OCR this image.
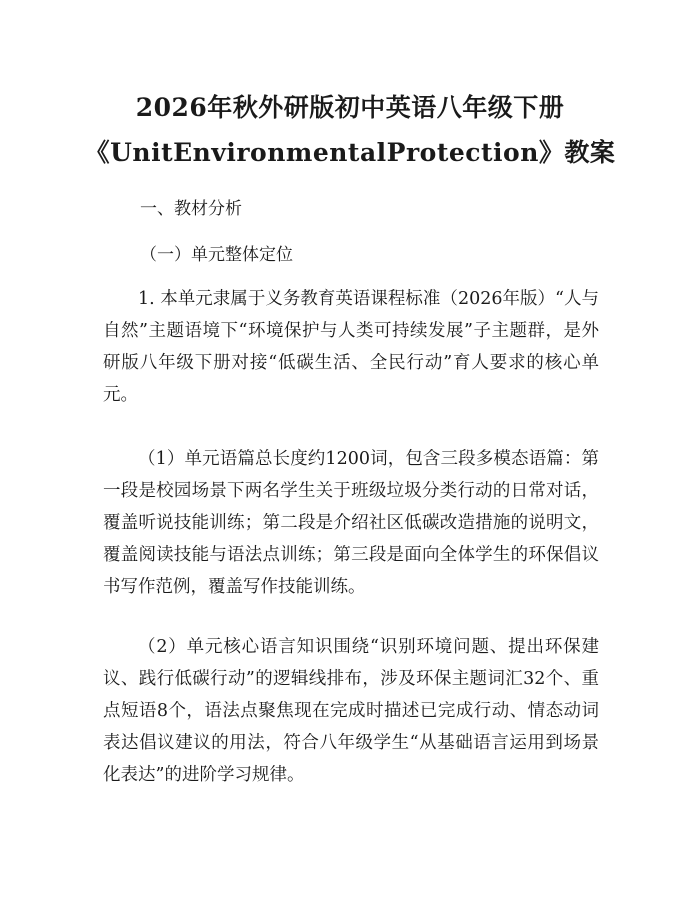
2026年秋外研版初中英语八年级下册
《UnitEnvironmentalProtection》教案
一、教材分析
（一）单元整体定位
1. 本单元隶属于义务教育英语课程标准（2026年版）“人与自然”主题语境下“环境保护与人类可持续发展”子主题群，是外研版八年级下册对接“低碳生活、全民行动”育人要求的核心单元。
（1）单元语篇总长度约1200词，包含三段多模态语篇：第一段是校园场景下两名学生关于班级垃圾分类行动的日常对话，覆盖听说技能训练；第二段是介绍社区低碳改造措施的说明文，覆盖阅读技能与语法点训练；第三段是面向全体学生的环保倡议书写作范例，覆盖写作技能训练。
（2）单元核心语言知识围绕“识别环境问题、提出环保建议、践行低碳行动”的逻辑线排布，涉及环保主题词汇32个、重点短语8个，语法点聚焦现在完成时描述已完成行动、情态动词表达倡议建议的用法，符合八年级学生“从基础语言运用到场景化表达”的进阶学习规律。
